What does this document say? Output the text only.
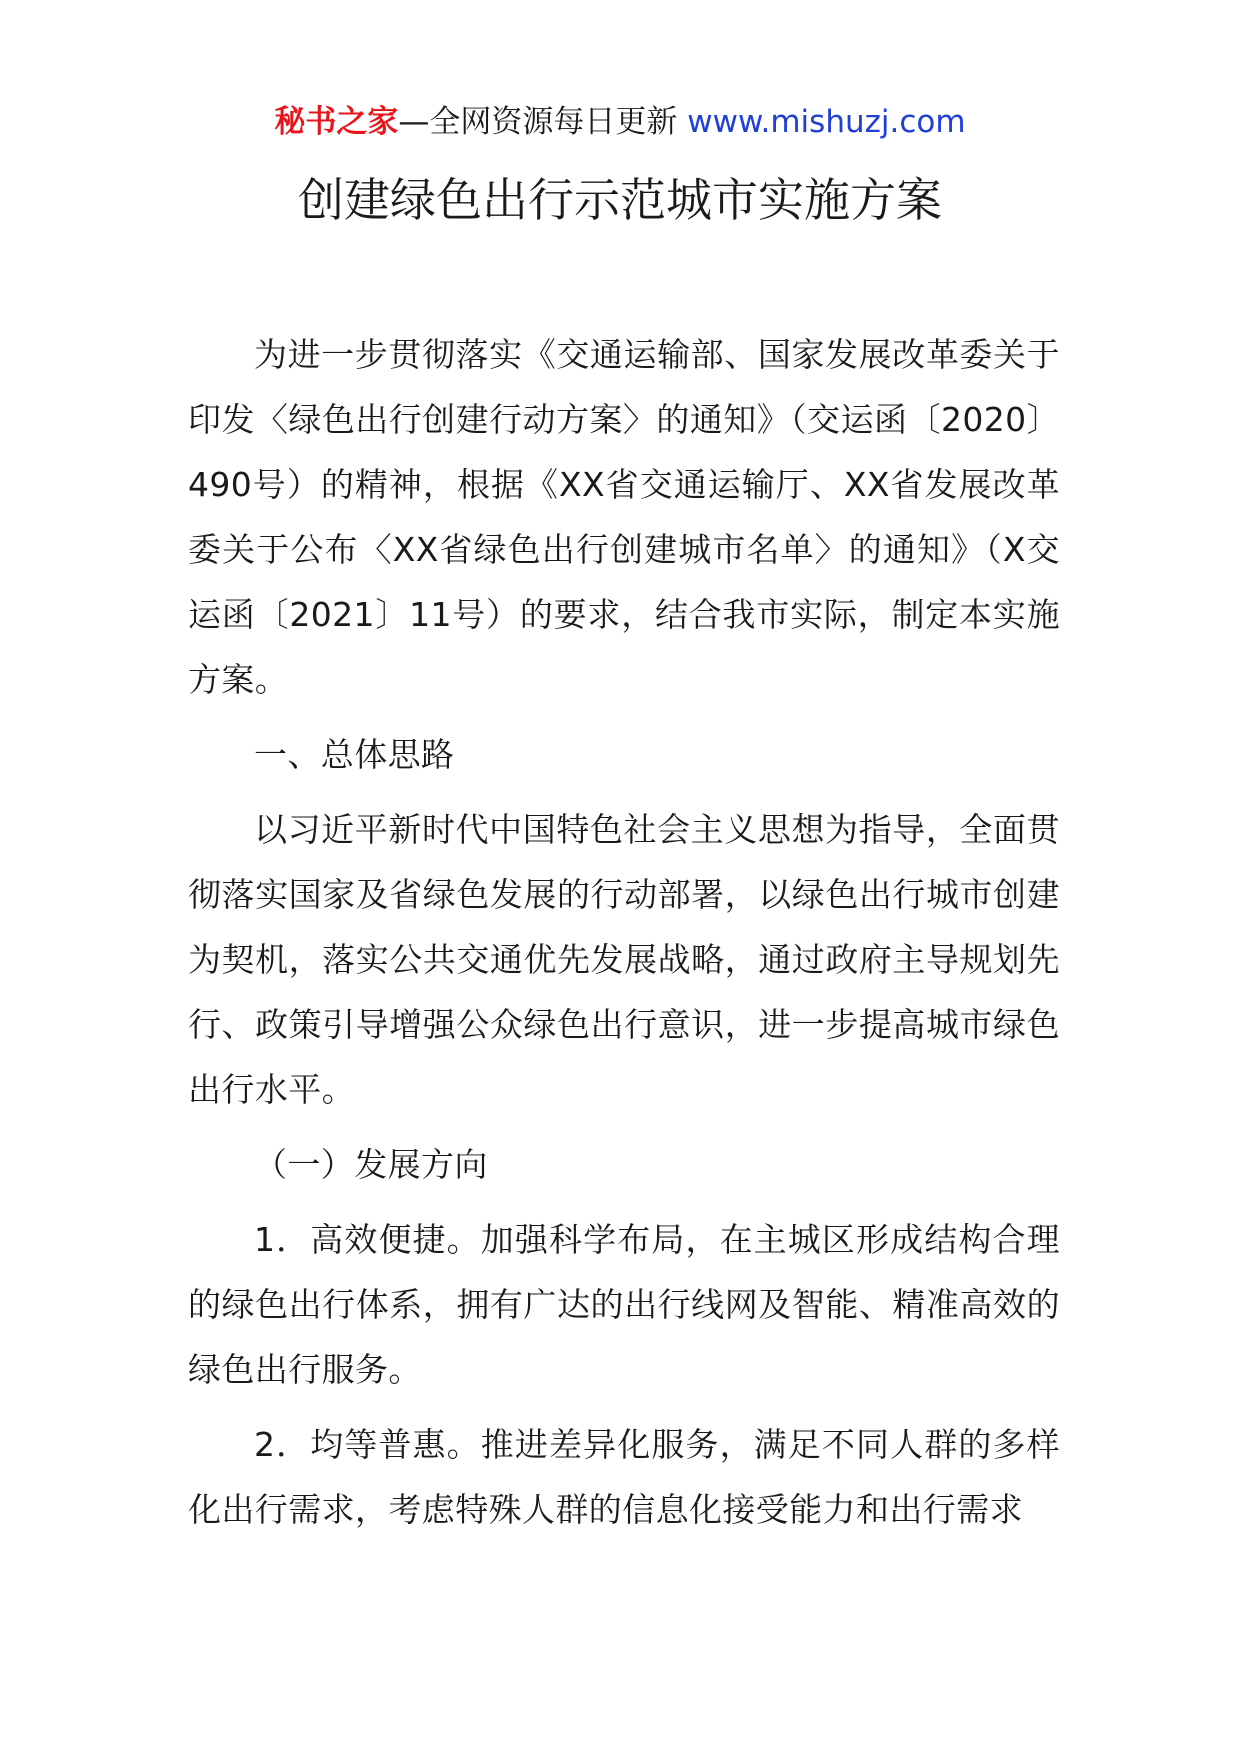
秘书之家—全网资源每日更新 www.mishuzj.com
创建绿色出行示范城市实施方案

为进一步贯彻落实《交通运输部、国家发展改革委关于印发〈绿色出行创建行动方案〉的通知》（交运函〔2020〕490号）的精神，根据《XX省交通运输厅、XX省发展改革委关于公布〈XX省绿色出行创建城市名单〉的通知》（X交运函〔2021〕11号）的要求，结合我市实际，制定本实施方案。

一、总体思路

以习近平新时代中国特色社会主义思想为指导，全面贯彻落实国家及省绿色发展的行动部署，以绿色出行城市创建为契机，落实公共交通优先发展战略，通过政府主导规划先行、政策引导增强公众绿色出行意识，进一步提高城市绿色出行水平。

（一）发展方向

1．高效便捷。加强科学布局，在主城区形成结构合理的绿色出行体系，拥有广达的出行线网及智能、精准高效的绿色出行服务。

2．均等普惠。推进差异化服务，满足不同人群的多样化出行需求，考虑特殊人群的信息化接受能力和出行需求
